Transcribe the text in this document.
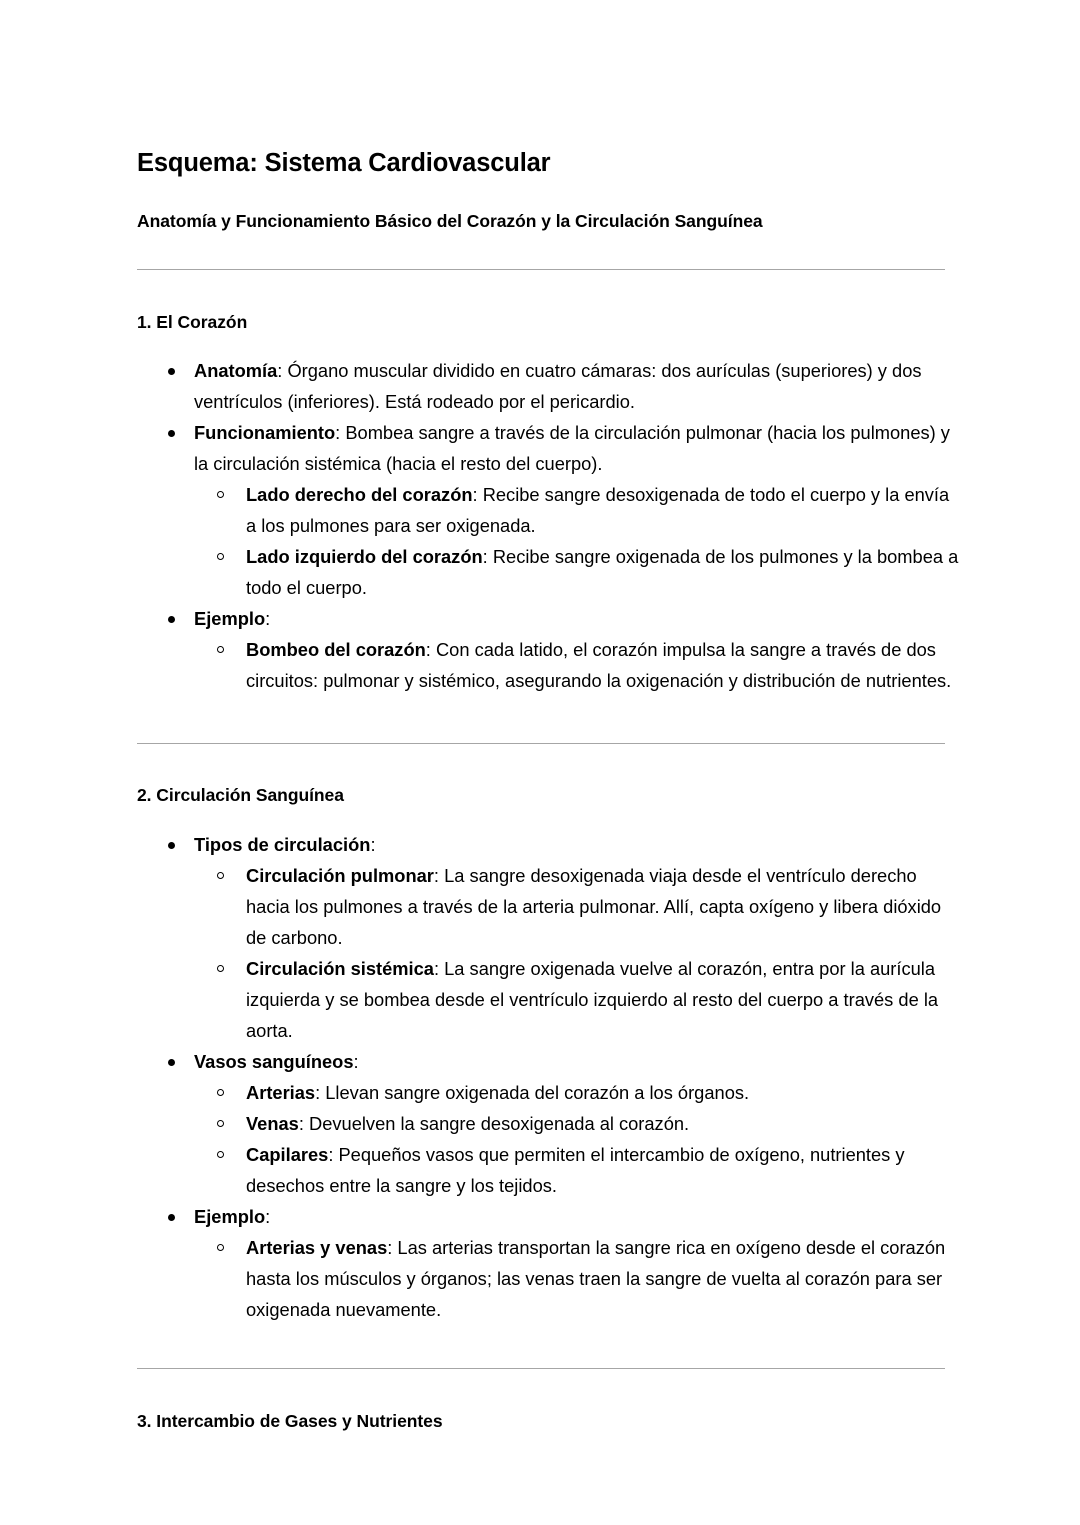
Esquema: Sistema Cardiovascular
Anatomía y Funcionamiento Básico del Corazón y la Circulación Sanguínea
1. El Corazón
Anatomía: Órgano muscular dividido en cuatro cámaras: dos aurículas (superiores) y dos ventrículos (inferiores). Está rodeado por el pericardio.
Funcionamiento: Bombea sangre a través de la circulación pulmonar (hacia los pulmones) y la circulación sistémica (hacia el resto del cuerpo).
Lado derecho del corazón: Recibe sangre desoxigenada de todo el cuerpo y la envía a los pulmones para ser oxigenada.
Lado izquierdo del corazón: Recibe sangre oxigenada de los pulmones y la bombea a todo el cuerpo.
Ejemplo:
Bombeo del corazón: Con cada latido, el corazón impulsa la sangre a través de dos circuitos: pulmonar y sistémico, asegurando la oxigenación y distribución de nutrientes.
2. Circulación Sanguínea
Tipos de circulación:
Circulación pulmonar: La sangre desoxigenada viaja desde el ventrículo derecho hacia los pulmones a través de la arteria pulmonar. Allí, capta oxígeno y libera dióxido de carbono.
Circulación sistémica: La sangre oxigenada vuelve al corazón, entra por la aurícula izquierda y se bombea desde el ventrículo izquierdo al resto del cuerpo a través de la aorta.
Vasos sanguíneos:
Arterias: Llevan sangre oxigenada del corazón a los órganos.
Venas: Devuelven la sangre desoxigenada al corazón.
Capilares: Pequeños vasos que permiten el intercambio de oxígeno, nutrientes y desechos entre la sangre y los tejidos.
Ejemplo:
Arterias y venas: Las arterias transportan la sangre rica en oxígeno desde el corazón hasta los músculos y órganos; las venas traen la sangre de vuelta al corazón para ser oxigenada nuevamente.
3. Intercambio de Gases y Nutrientes
